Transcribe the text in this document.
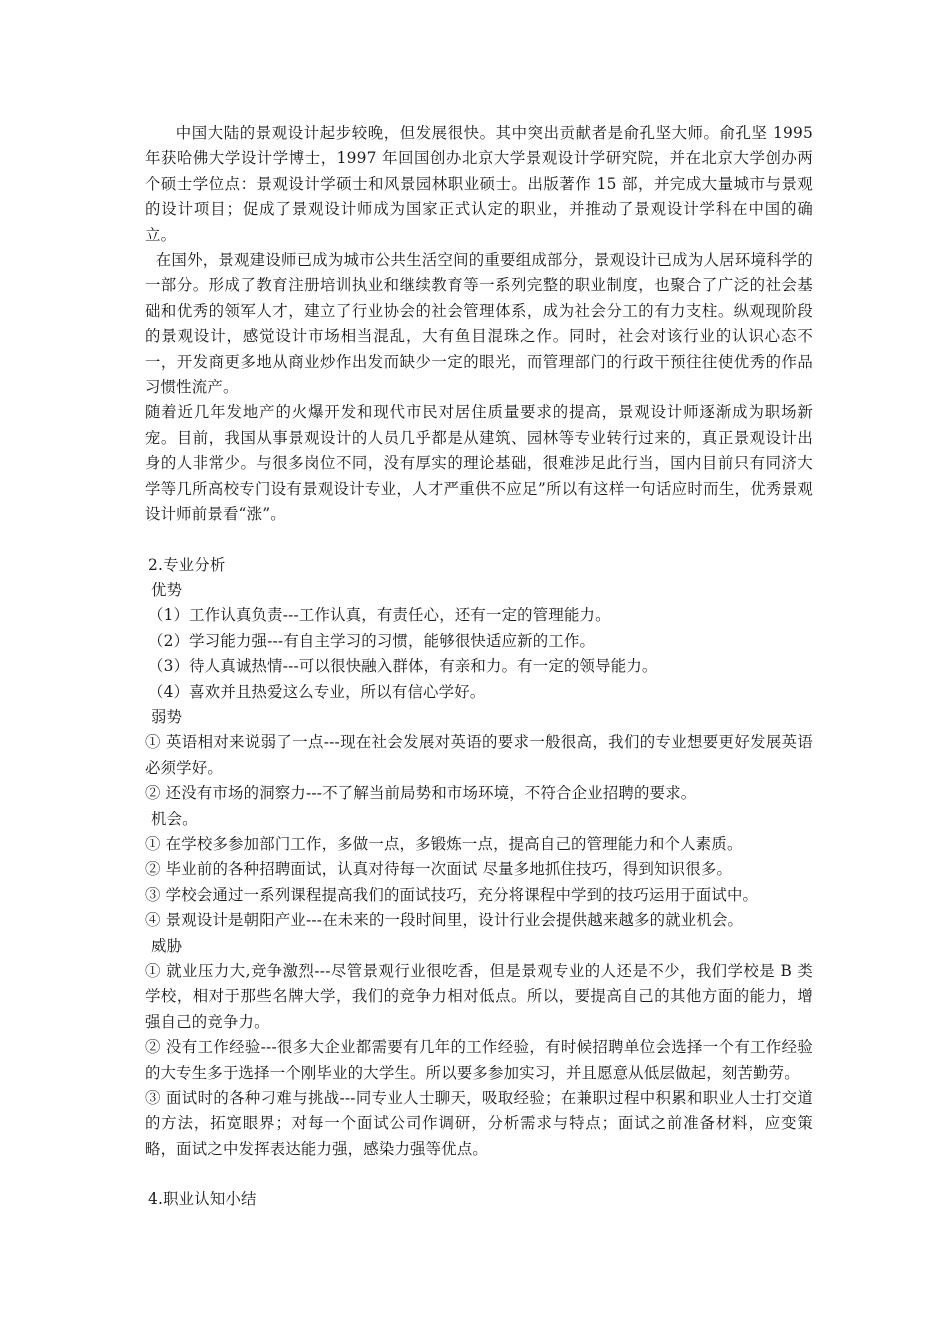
中国大陆的景观设计起步较晚，但发展很快。其中突出贡献者是俞孔坚大师。俞孔坚 1995 年获哈佛大学设计学博士，1997 年回国创办北京大学景观设计学研究院，并在北京大学创办两个硕士学位点：景观设计学硕士和风景园林职业硕士。出版著作 15 部，并完成大量城市与景观的设计项目；促成了景观设计师成为国家正式认定的职业，并推动了景观设计学科在中国的确立。

在国外，景观建设师已成为城市公共生活空间的重要组成部分，景观设计已成为人居环境科学的一部分。形成了教育注册培训执业和继续教育等一系列完整的职业制度，也聚合了广泛的社会基础和优秀的领军人才，建立了行业协会的社会管理体系，成为社会分工的有力支柱。纵观现阶段的景观设计，感觉设计市场相当混乱，大有鱼目混珠之作。同时，社会对该行业的认识心态不一，开发商更多地从商业炒作出发而缺少一定的眼光，而管理部门的行政干预往往使优秀的作品习惯性流产。

随着近几年发地产的火爆开发和现代市民对居住质量要求的提高，景观设计师逐渐成为职场新宠。目前，我国从事景观设计的人员几乎都是从建筑、园林等专业转行过来的，真正景观设计出身的人非常少。与很多岗位不同，没有厚实的理论基础，很难涉足此行当，国内目前只有同济大学等几所高校专门设有景观设计专业，人才严重供不应足”所以有这样一句话应时而生，优秀景观设计师前景看“涨”。

2.专业分析

优势

（1）工作认真负责---工作认真，有责任心，还有一定的管理能力。

（2）学习能力强---有自主学习的习惯，能够很快适应新的工作。

（3）待人真诚热情---可以很快融入群体，有亲和力。有一定的领导能力。

（4）喜欢并且热爱这么专业，所以有信心学好。

弱势

① 英语相对来说弱了一点---现在社会发展对英语的要求一般很高，我们的专业想要更好发展英语必须学好。

② 还没有市场的洞察力---不了解当前局势和市场环境，不符合企业招聘的要求。

机会。

① 在学校多参加部门工作，多做一点，多锻炼一点，提高自己的管理能力和个人素质。

② 毕业前的各种招聘面试，认真对待每一次面试 尽量多地抓住技巧，得到知识很多。

③ 学校会通过一系列课程提高我们的面试技巧，充分将课程中学到的技巧运用于面试中。

④ 景观设计是朝阳产业---在未来的一段时间里，设计行业会提供越来越多的就业机会。

威胁

① 就业压力大,竞争激烈---尽管景观行业很吃香，但是景观专业的人还是不少，我们学校是 B 类学校，相对于那些名牌大学，我们的竞争力相对低点。所以，要提高自己的其他方面的能力，增强自己的竞争力。

② 没有工作经验---很多大企业都需要有几年的工作经验，有时候招聘单位会选择一个有工作经验的大专生多于选择一个刚毕业的大学生。所以要多参加实习，并且愿意从低层做起，刻苦勤劳。

③ 面试时的各种刁难与挑战---同专业人士聊天，吸取经验；在兼职过程中积累和职业人士打交道的方法，拓宽眼界；对每一个面试公司作调研，分析需求与特点；面试之前准备材料，应变策略，面试之中发挥表达能力强，感染力强等优点。

4.职业认知小结
